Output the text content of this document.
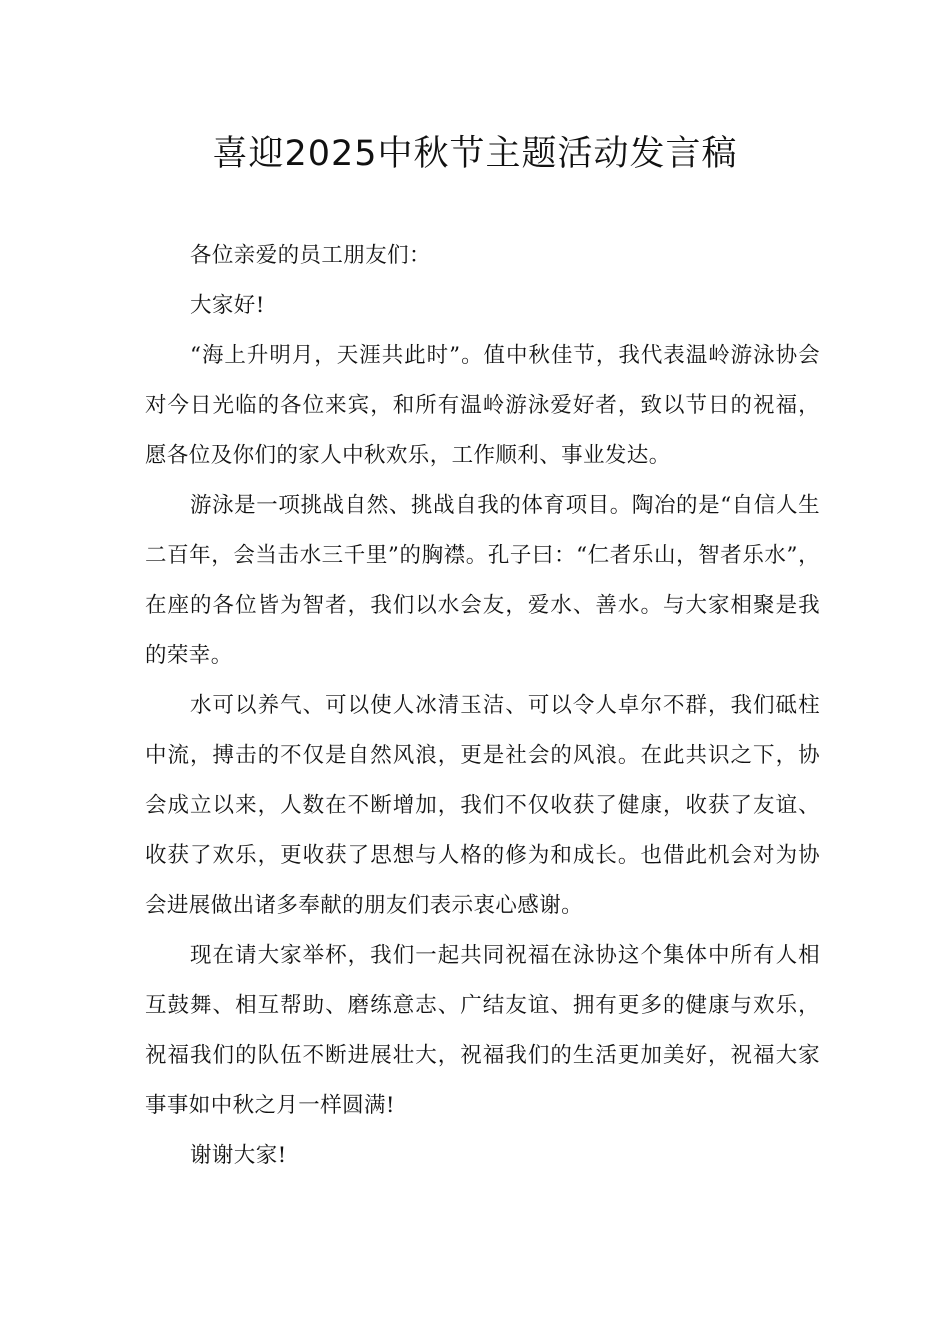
喜迎2025中秋节主题活动发言稿

各位亲爱的员工朋友们：

大家好!

“海上升明月，天涯共此时”。值中秋佳节，我代表温岭游泳协会对今日光临的各位来宾，和所有温岭游泳爱好者，致以节日的祝福，愿各位及你们的家人中秋欢乐，工作顺利、事业发达。

游泳是一项挑战自然、挑战自我的体育项目。陶冶的是“自信人生二百年，会当击水三千里”的胸襟。孔子曰：“仁者乐山，智者乐水”，在座的各位皆为智者，我们以水会友，爱水、善水。与大家相聚是我的荣幸。

水可以养气、可以使人冰清玉洁、可以令人卓尔不群，我们砥柱中流，搏击的不仅是自然风浪，更是社会的风浪。在此共识之下，协会成立以来，人数在不断增加，我们不仅收获了健康，收获了友谊、收获了欢乐，更收获了思想与人格的修为和成长。也借此机会对为协会进展做出诸多奉献的朋友们表示衷心感谢。

现在请大家举杯，我们一起共同祝福在泳协这个集体中所有人相互鼓舞、相互帮助、磨练意志、广结友谊、拥有更多的健康与欢乐，祝福我们的队伍不断进展壮大，祝福我们的生活更加美好，祝福大家事事如中秋之月一样圆满!

谢谢大家!
